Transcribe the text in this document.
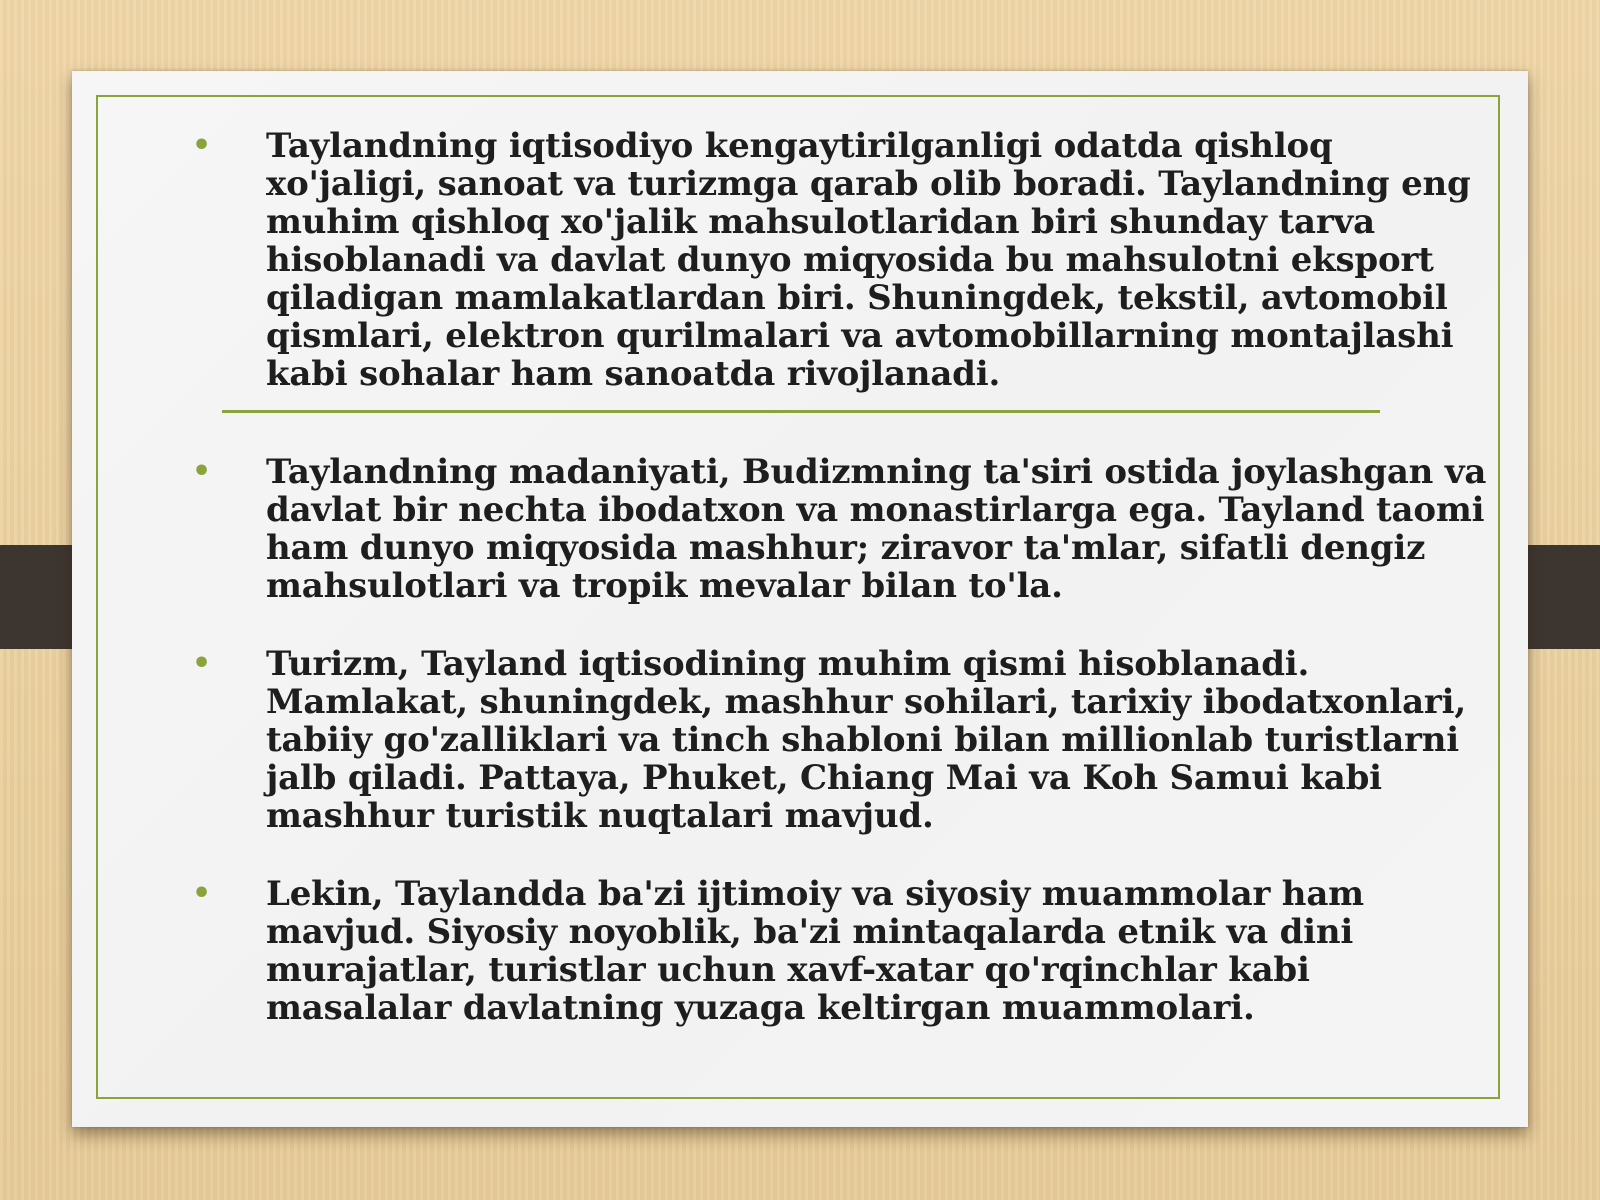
• Taylandning iqtisodiyo kengaytirilganligi odatda qishloq xo'jaligi, sanoat va turizmga qarab olib boradi. Taylandning eng muhim qishloq xo'jalik mahsulotlaridan biri shunday tarva hisoblanadi va davlat dunyo miqyosida bu mahsulotni eksport qiladigan mamlakatlardan biri. Shuningdek, tekstil, avtomobil qismlari, elektron qurilmalari va avtomobillarning montajlashi kabi sohalar ham sanoatda rivojlanadi.
• Taylandning madaniyati, Budizmning ta'siri ostida joylashgan va davlat bir nechta ibodatxon va monastirlarga ega. Tayland taomi ham dunyo miqyosida mashhur; ziravor ta'mlar, sifatli dengiz mahsulotlari va tropik mevalar bilan to'la.
• Turizm, Tayland iqtisodining muhim qismi hisoblanadi. Mamlakat, shuningdek, mashhur sohilari, tarixiy ibodatxonlari, tabiiy go'zalliklari va tinch shabloni bilan millionlab turistlarni jalb qiladi. Pattaya, Phuket, Chiang Mai va Koh Samui kabi mashhur turistik nuqtalari mavjud.
• Lekin, Taylandda ba'zi ijtimoiy va siyosiy muammolar ham mavjud. Siyosiy noyoblik, ba'zi mintaqalarda etnik va dini murajatlar, turistlar uchun xavf-xatar qo'rqinchlar kabi masalalar davlatning yuzaga keltirgan muammolari.
